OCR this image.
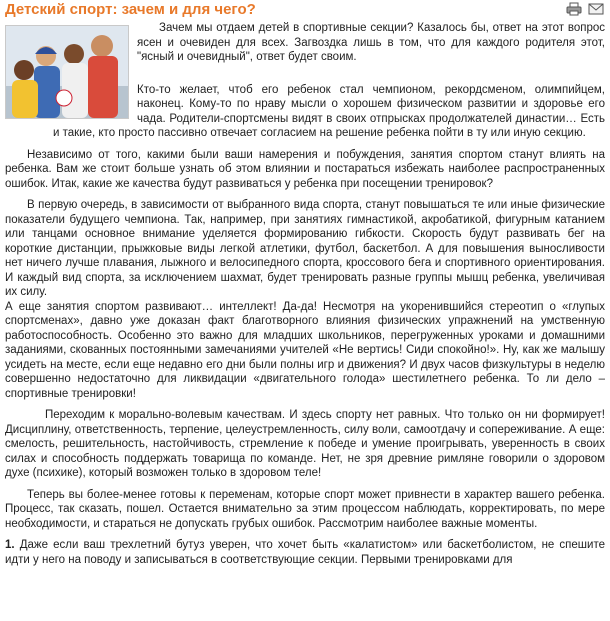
Детский спорт: зачем и для чего?

Зачем мы отдаем детей в спортивные секции? Казалось бы, ответ на этот вопрос ясен и очевиден для всех. Загвоздка лишь в том, что для каждого родителя этот, "ясный и очевидный", ответ будет своим.

Кто-то желает, чтоб его ребенок стал чемпионом, рекордсменом, олимпийцем, наконец. Кому-то по нраву мысли о хорошем физическом развитии и здоровье его чада. Родители-спортсмены видят в своих отпрысках продолжателей династии… Есть и такие, кто просто пассивно отвечает согласием на решение ребенка пойти в ту или иную секцию.

Независимо от того, какими были ваши намерения и побуждения, занятия спортом станут влиять на ребенка. Вам же стоит больше узнать об этом влиянии и постараться избежать наиболее распространенных ошибок. Итак, какие же качества будут развиваться у ребенка при посещении тренировок?

В первую очередь, в зависимости от выбранного вида спорта, станут повышаться те или иные физические показатели будущего чемпиона. Так, например, при занятиях гимнастикой, акробатикой, фигурным катанием или танцами основное внимание уделяется формированию гибкости. Скорость будут развивать бег на короткие дистанции, прыжковые виды легкой атлетики, футбол, баскетбол. А для повышения выносливости нет ничего лучше плавания, лыжного и велосипедного спорта, кроссового бега и спортивного ориентирования. И каждый вид спорта, за исключением шахмат, будет тренировать разные группы мышц ребенка, увеличивая их силу.

А еще занятия спортом развивают… интеллект! Да-да! Несмотря на укоренившийся стереотип о «глупых спортсменах», давно уже доказан факт благотворного влияния физических упражнений на умственную работоспособность. Особенно это важно для младших школьников, перегруженных уроками и домашними заданиями, скованных постоянными замечаниями учителей «Не вертись! Сиди спокойно!». Ну, как же малышу усидеть на месте, если еще недавно его дни были полны игр и движения? И двух часов физкультуры в неделю совершенно недостаточно для ликвидации «двигательного голода» шестилетнего ребенка. То ли дело – спортивные тренировки!

Переходим к морально-волевым качествам. И здесь спорту нет равных. Что только он ни формирует! Дисциплину, ответственность, терпение, целеустремленность, силу воли, самоотдачу и сопереживание. А еще: смелость, решительность, настойчивость, стремление к победе и умение проигрывать, уверенность в своих силах и способность поддержать товарища по команде. Нет, не зря древние римляне говорили о здоровом духе (психике), который возможен только в здоровом теле!

Теперь вы более-менее готовы к переменам, которые спорт может привнести в характер вашего ребенка. Процесс, так сказать, пошел. Остается внимательно за этим процессом наблюдать, корректировать, по мере необходимости, и стараться не допускать грубых ошибок. Рассмотрим наиболее важные моменты.

1. Даже если ваш трехлетний бутуз уверен, что хочет быть «калатистом» или баскетболистом, не спешите идти у него на поводу и записываться в соответствующие секции. Первыми тренировками для
